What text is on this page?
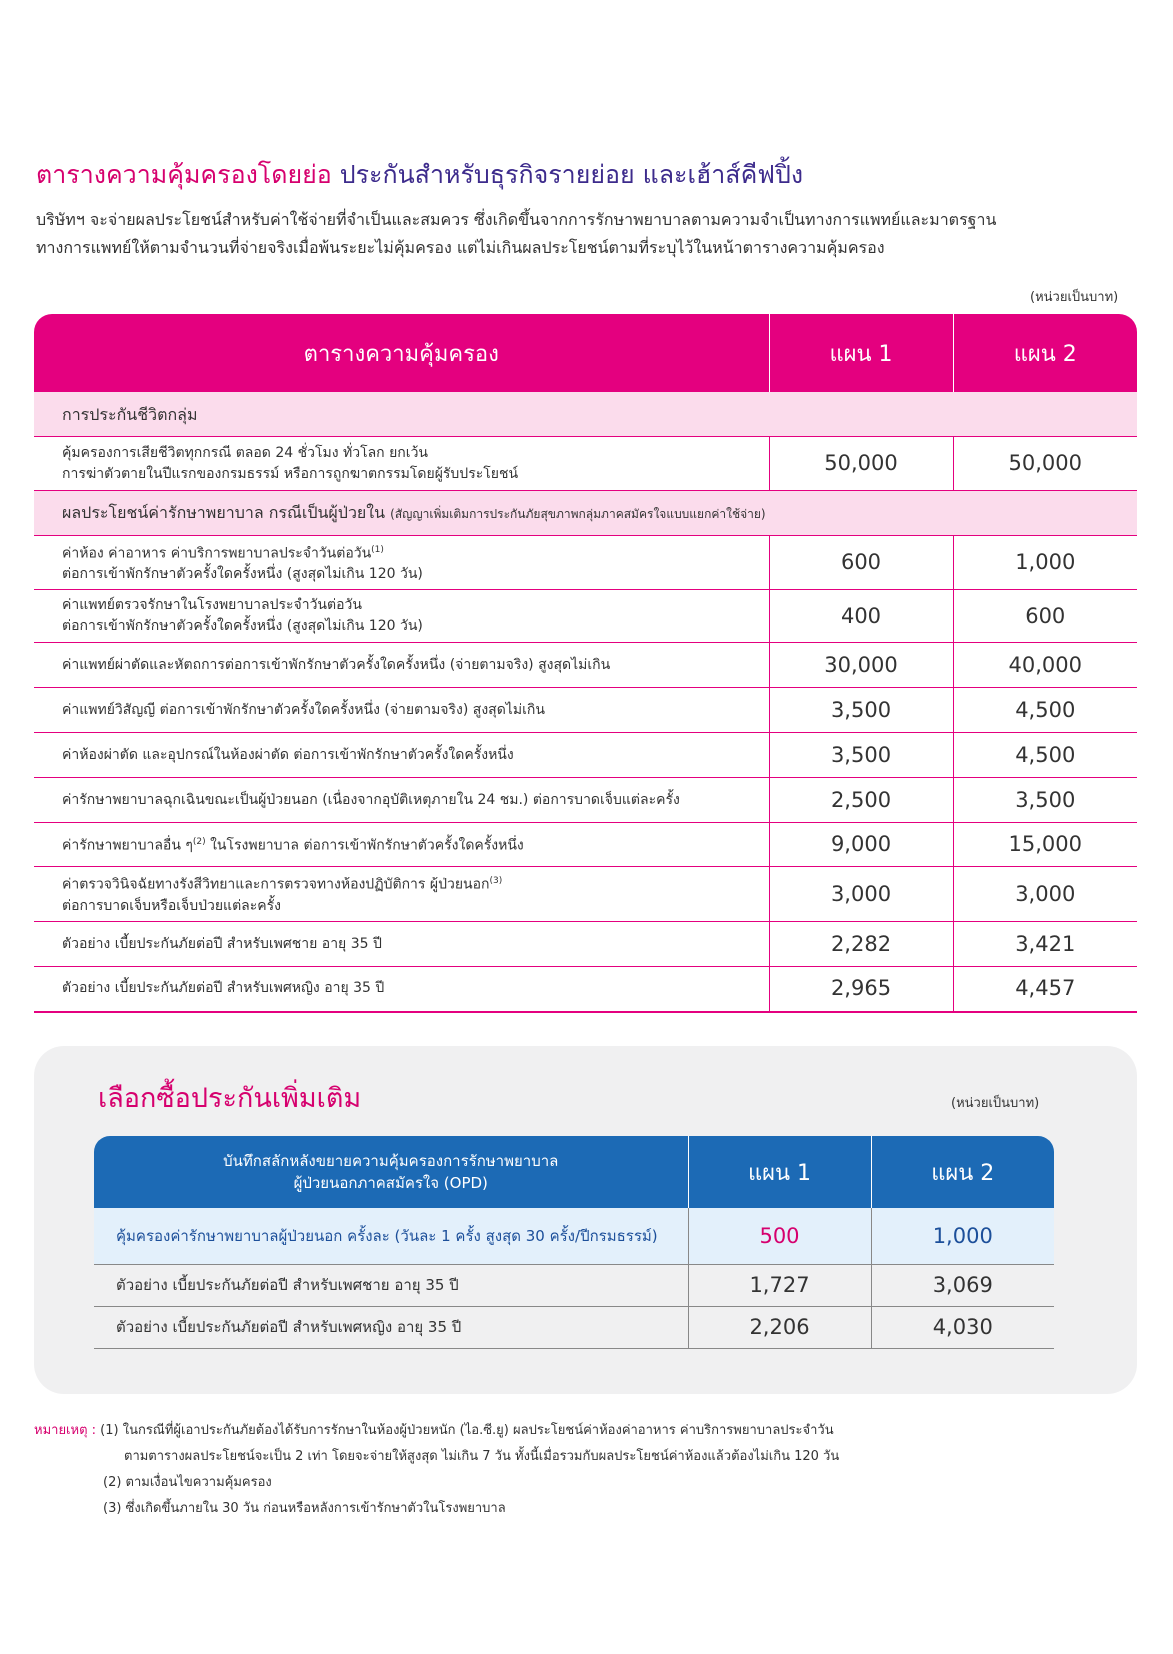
ตารางความคุ้มครองโดยย่อ ประกันสำหรับธุรกิจรายย่อย และเฮ้าส์คีฟปิ้ง

บริษัทฯ จะจ่ายผลประโยชน์สำหรับค่าใช้จ่ายที่จำเป็นและสมควร ซึ่งเกิดขึ้นจากการรักษาพยาบาลตามความจำเป็นทางการแพทย์และมาตรฐาน

ทางการแพทย์ให้ตามจำนวนที่จ่ายจริงเมื่อพ้นระยะไม่คุ้มครอง แต่ไม่เกินผลประโยชน์ตามที่ระบุไว้ในหน้าตารางความคุ้มครอง

(หน่วยเป็นบาท)
ตารางความคุ้มครอง	แผน 1	แผน 2
การประกันชีวิตกลุ่ม		

คุ้มครองการเสียชีวิตทุกกรณี ตลอด 24 ชั่วโมง ทั่วโลก ยกเว้น
การฆ่าตัวตายในปีแรกของกรมธรรม์ หรือการถูกฆาตกรรมโดยผู้รับประโยชน์	50,000	50,000
ผลประโยชน์ค่ารักษาพยาบาล กรณีเป็นผู้ป่วยใน (สัญญาเพิ่มเติมการประกันภัยสุขภาพกลุ่มภาคสมัครใจแบบแยกค่าใช้จ่าย)		

ค่าห้อง ค่าอาหาร ค่าบริการพยาบาลประจำวันต่อวัน$^{(1)}$
ต่อการเข้าพักรักษาตัวครั้งใดครั้งหนึ่ง (สูงสุดไม่เกิน 120 วัน)	600	1,000

ค่าแพทย์ตรวจรักษาในโรงพยาบาลประจำวันต่อวัน
ต่อการเข้าพักรักษาตัวครั้งใดครั้งหนึ่ง (สูงสุดไม่เกิน 120 วัน)	400	600
ค่าแพทย์ผ่าตัดและหัตถการต่อการเข้าพักรักษาตัวครั้งใดครั้งหนึ่ง (จ่ายตามจริง) สูงสุดไม่เกิน	30,000	40,000
ค่าแพทย์วิสัญญี ต่อการเข้าพักรักษาตัวครั้งใดครั้งหนึ่ง (จ่ายตามจริง) สูงสุดไม่เกิน	3,500	4,500
ค่าห้องผ่าตัด และอุปกรณ์ในห้องผ่าตัด ต่อการเข้าพักรักษาตัวครั้งใดครั้งหนึ่ง	3,500	4,500
ค่ารักษาพยาบาลฉุกเฉินขณะเป็นผู้ป่วยนอก (เนื่องจากอุบัติเหตุภายใน 24 ชม.) ต่อการบาดเจ็บแต่ละครั้ง	2,500	3,500
ค่ารักษาพยาบาลอื่น ๆ$^{(2)}$ ในโรงพยาบาล ต่อการเข้าพักรักษาตัวครั้งใดครั้งหนึ่ง	9,000	15,000

ค่าตรวจวินิจฉัยทางรังสีวิทยาและการตรวจทางห้องปฏิบัติการ ผู้ป่วยนอก$^{(3)}$
ต่อการบาดเจ็บหรือเจ็บป่วยแต่ละครั้ง	3,000	3,000
ตัวอย่าง เบี้ยประกันภัยต่อปี สำหรับเพศชาย อายุ 35 ปี	2,282	3,421
ตัวอย่าง เบี้ยประกันภัยต่อปี สำหรับเพศหญิง อายุ 35 ปี	2,965	4,457
เลือกซื้อประกันเพิ่มเติม	(หน่วยเป็นบาท)
บันทึกสลักหลังขยายความคุ้มครองการรักษาพยาบาล
ผู้ป่วยนอกภาคสมัครใจ (OPD)	แผน 1	แผน 2
คุ้มครองค่ารักษาพยาบาลผู้ป่วยนอก ครั้งละ (วันละ 1 ครั้ง สูงสุด 30 ครั้ง/ปีกรมธรรม์)	500	1,000
ตัวอย่าง เบี้ยประกันภัยต่อปี สำหรับเพศชาย อายุ 35 ปี	1,727	3,069
ตัวอย่าง เบี้ยประกันภัยต่อปี สำหรับเพศหญิง อายุ 35 ปี	2,206	4,030
หมายเหตุ : (1) ในกรณีที่ผู้เอาประกันภัยต้องได้รับการรักษาในห้องผู้ป่วยหนัก (ไอ.ซี.ยู) ผลประโยชน์ค่าห้องค่าอาหาร ค่าบริการพยาบาลประจำวัน
ตามตารางผลประโยชน์จะเป็น 2 เท่า โดยจะจ่ายให้สูงสุด ไม่เกิน 7 วัน ทั้งนี้เมื่อรวมกับผลประโยชน์ค่าห้องแล้วต้องไม่เกิน 120 วัน
(2) ตามเงื่อนไขความคุ้มครอง
(3) ซึ่งเกิดขึ้นภายใน 30 วัน ก่อนหรือหลังการเข้ารักษาตัวในโรงพยาบาล
